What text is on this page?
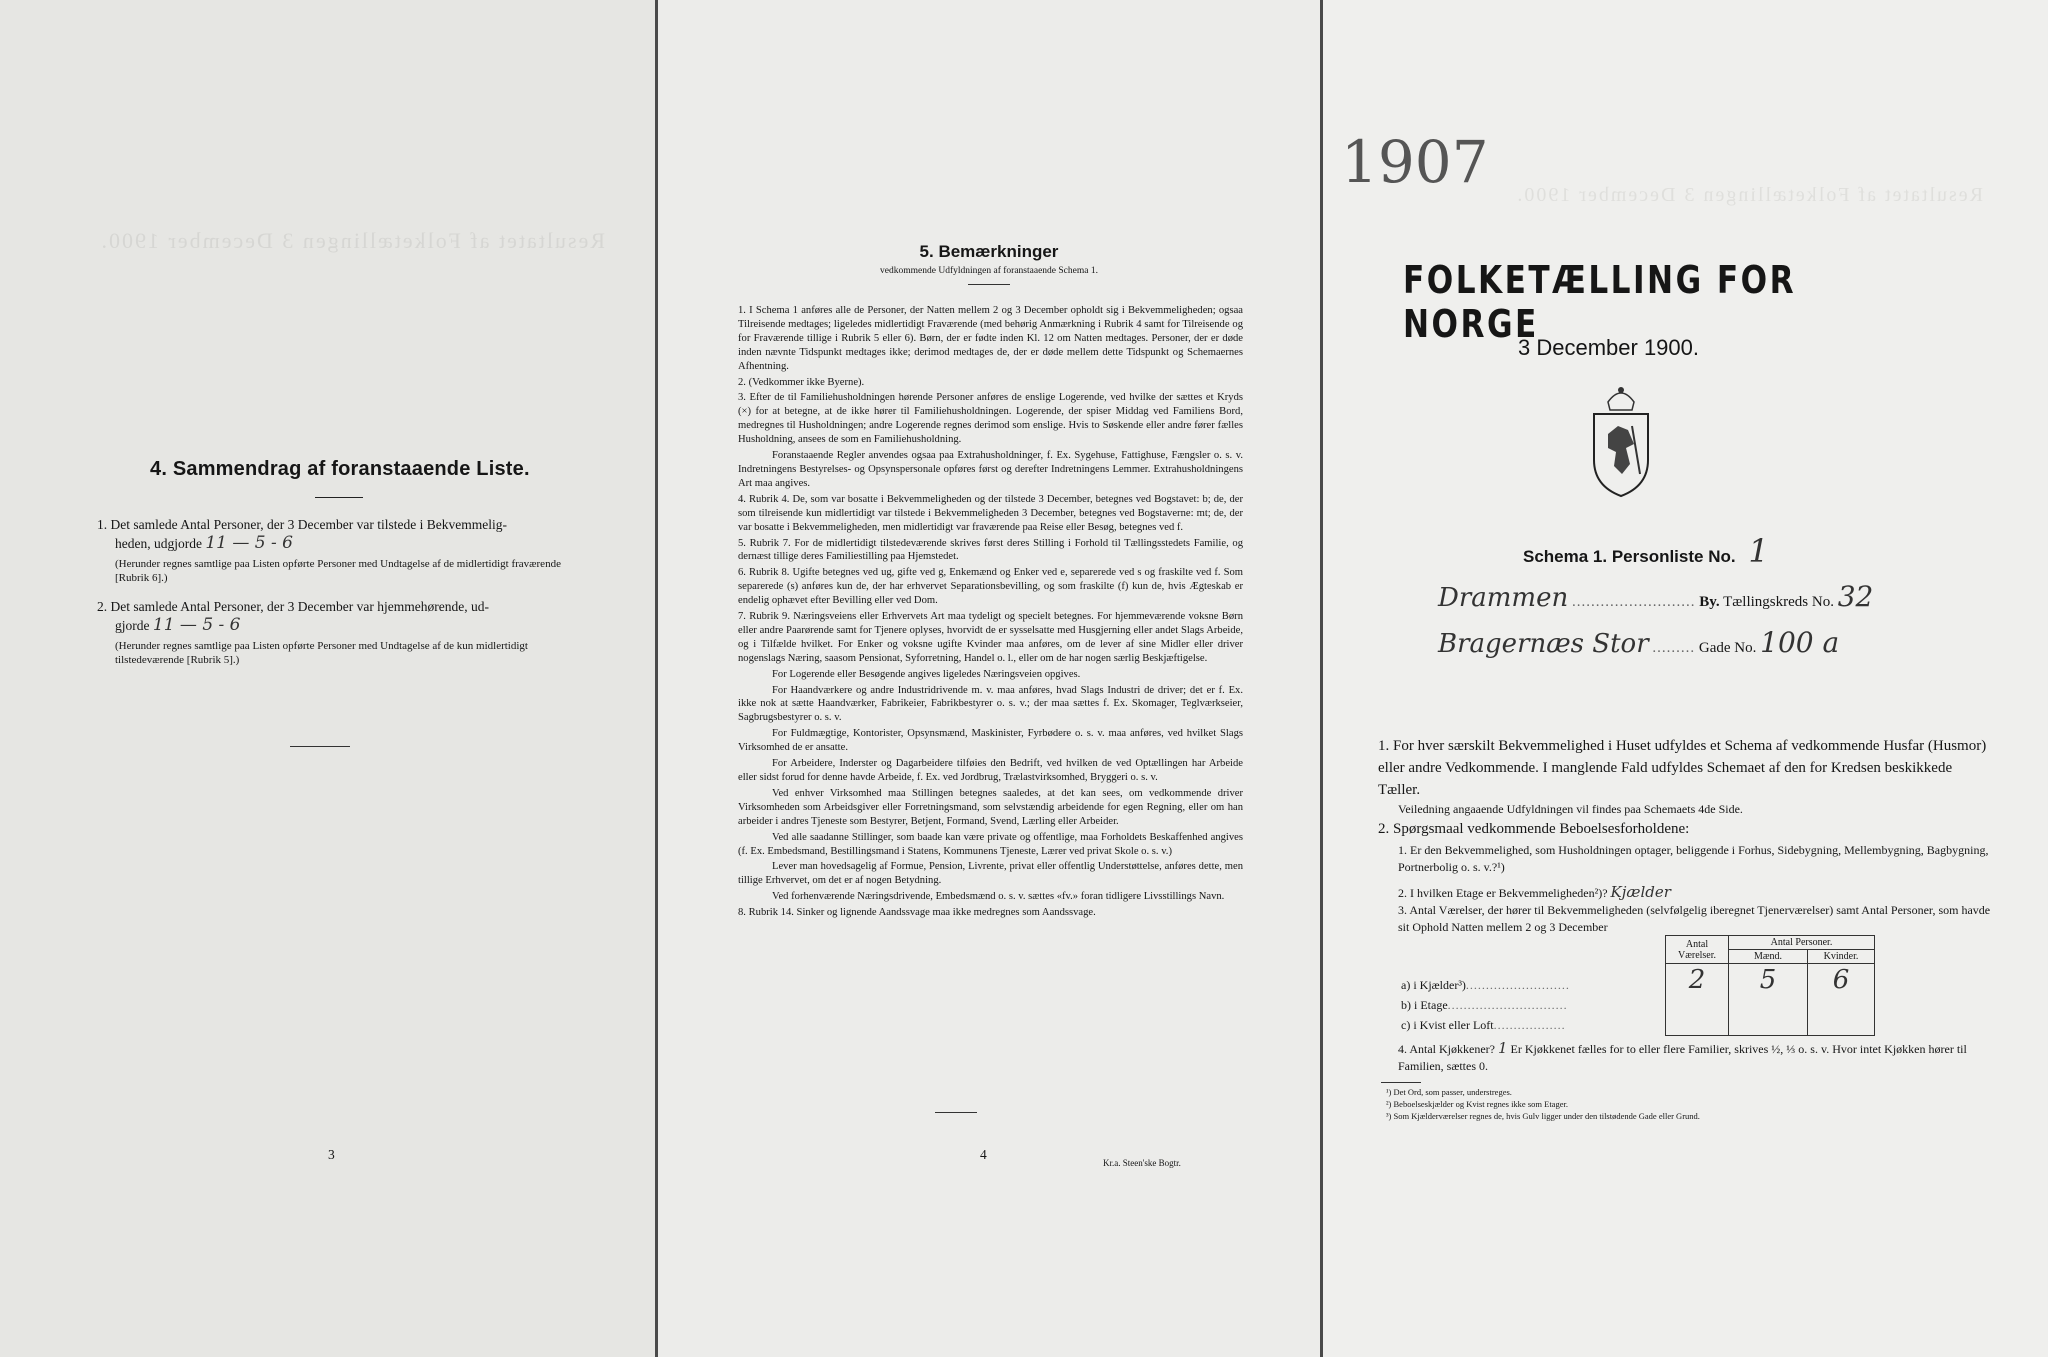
Resultatet af Folketællingen 3 December 1900.
4. Sammendrag af foranstaaende Liste.
1. Det samlede Antal Personer, der 3 December var tilstede i Bekvemmelig-
heden, udgjorde 11 — 5 - 6
(Herunder regnes samtlige paa Listen opførte Personer med Undtagelse af de midlertidigt fraværende [Rubrik 6].)
2. Det samlede Antal Personer, der 3 December var hjemmehørende, ud-
gjorde 11 — 5 - 6
(Herunder regnes samtlige paa Listen opførte Personer med Undtagelse af de kun midlertidigt tilstedeværende [Rubrik 5].)
3
5. Bemærkninger
vedkommende Udfyldningen af foranstaaende Schema 1.

1. I Schema 1 anføres alle de Personer, der Natten mellem 2 og 3 December opholdt sig i Bekvemmeligheden; ogsaa Tilreisende medtages; ligeledes midlertidigt Fraværende (med behørig Anmærkning i Rubrik 4 samt for Tilreisende og for Fraværende tillige i Rubrik 5 eller 6). Børn, der er fødte inden Kl. 12 om Natten medtages. Personer, der er døde inden nævnte Tidspunkt medtages ikke; derimod medtages de, der er døde mellem dette Tidspunkt og Schemaernes Afhentning.

2. (Vedkommer ikke Byerne).

3. Efter de til Familiehusholdningen hørende Personer anføres de enslige Logerende, ved hvilke der sættes et Kryds (×) for at betegne, at de ikke hører til Familiehusholdningen. Logerende, der spiser Middag ved Familiens Bord, medregnes til Husholdningen; andre Logerende regnes derimod som enslige. Hvis to Søskende eller andre fører fælles Husholdning, ansees de som en Familiehusholdning.

Foranstaaende Regler anvendes ogsaa paa Extrahusholdninger, f. Ex. Sygehuse, Fattighuse, Fængsler o. s. v. Indretningens Bestyrelses- og Opsynspersonale opføres først og derefter Indretningens Lemmer. Extrahusholdningens Art maa angives.

4. Rubrik 4. De, som var bosatte i Bekvemmeligheden og der tilstede 3 December, betegnes ved Bogstavet: b; de, der som tilreisende kun midlertidigt var tilstede i Bekvemmeligheden 3 December, betegnes ved Bogstaverne: mt; de, der var bosatte i Bekvemmeligheden, men midlertidigt var fraværende paa Reise eller Besøg, betegnes ved f.

5. Rubrik 7. For de midlertidigt tilstedeværende skrives først deres Stilling i Forhold til Tællingsstedets Familie, og dernæst tillige deres Familiestilling paa Hjemstedet.

6. Rubrik 8. Ugifte betegnes ved ug, gifte ved g, Enkemænd og Enker ved e, separerede ved s og fraskilte ved f. Som separerede (s) anføres kun de, der har erhvervet Separationsbevilling, og som fraskilte (f) kun de, hvis Ægteskab er endelig ophævet efter Bevilling eller ved Dom.

7. Rubrik 9. Næringsveiens eller Erhvervets Art maa tydeligt og specielt betegnes. For hjemmeværende voksne Børn eller andre Paarørende samt for Tjenere oplyses, hvorvidt de er sysselsatte med Husgjerning eller andet Slags Arbeide, og i Tilfælde hvilket. For Enker og voksne ugifte Kvinder maa anføres, om de lever af sine Midler eller driver nogenslags Næring, saasom Pensionat, Syforretning, Handel o. l., eller om de har nogen særlig Beskjæftigelse.

For Logerende eller Besøgende angives ligeledes Næringsveien opgives.

For Haandværkere og andre Industridrivende m. v. maa anføres, hvad Slags Industri de driver; det er f. Ex. ikke nok at sætte Haandværker, Fabrikeier, Fabrikbestyrer o. s. v.; der maa sættes f. Ex. Skomager, Teglværkseier, Sagbrugsbestyrer o. s. v.

For Fuldmægtige, Kontorister, Opsynsmænd, Maskinister, Fyrbødere o. s. v. maa anføres, ved hvilket Slags Virksomhed de er ansatte.

For Arbeidere, Inderster og Dagarbeidere tilføies den Bedrift, ved hvilken de ved Optællingen har Arbeide eller sidst forud for denne havde Arbeide, f. Ex. ved Jordbrug, Trælastvirksomhed, Bryggeri o. s. v.

Ved enhver Virksomhed maa Stillingen betegnes saaledes, at det kan sees, om vedkommende driver Virksomheden som Arbeidsgiver eller Forretningsmand, som selvstændig arbeidende for egen Regning, eller om han arbeider i andres Tjeneste som Bestyrer, Betjent, Formand, Svend, Lærling eller Arbeider.

Ved alle saadanne Stillinger, som baade kan være private og offentlige, maa Forholdets Beskaffenhed angives (f. Ex. Embedsmand, Bestillingsmand i Statens, Kommunens Tjeneste, Lærer ved privat Skole o. s. v.)

Lever man hovedsagelig af Formue, Pension, Livrente, privat eller offentlig Understøttelse, anføres dette, men tillige Erhvervet, om det er af nogen Betydning.

Ved forhenværende Næringsdrivende, Embedsmænd o. s. v. sættes «fv.» foran tidligere Livsstillings Navn.

8. Rubrik 14. Sinker og lignende Aandssvage maa ikke medregnes som Aandssvage.

4
Kr.a. Steen'ske Bogtr.
1907	Resultatet af Folketællingen 3 December 1900.
FOLKETÆLLING FOR NORGE
3 December 1900.
Schema 1. Personliste No. 1
Drammen .......................... By. Tællingskreds No. 32
Bragernæs Stor ......... Gade No. 100 a
1. For hver særskilt Bekvemmelighed i Huset udfyldes et Schema af vedkommende Husfar (Husmor) eller andre Vedkommende. I manglende Fald udfyldes Schemaet af den for Kredsen beskikkede Tæller.
Veiledning angaaende Udfyldningen vil findes paa Schemaets 4de Side.
2. Spørgsmaal vedkommende Beboelsesforholdene:
1. Er den Bekvemmelighed, som Husholdningen optager, beliggende i Forhus, Sidebygning, Mellembygning, Bagbygning, Portnerbolig o. s. v.?¹)
2. I hvilken Etage er Bekvemmeligheden²)? Kjælder
3. Antal Værelser, der hører til Bekvemmeligheden (selvfølgelig iberegnet Tjenerværelser) samt Antal Personer, som havde sit Ophold Natten mellem 2 og 3 December
a) i Kjælder³)..........................
b) i Etage..............................
c) i Kvist eller Loft..................
Antal Værelser.	Antal Personer.	
	Mænd.	Kvinder.
2	5	6
4. Antal Kjøkkener? 1 Er Kjøkkenet fælles for to eller flere Familier, skrives ½, ⅓ o. s. v. Hvor intet Kjøkken hører til Familien, sættes 0.
¹) Det Ord, som passer, understreges.
²) Beboelseskjælder og Kvist regnes ikke som Etager.
³) Som Kjælderværelser regnes de, hvis Gulv ligger under den tilstødende Gade eller Grund.
